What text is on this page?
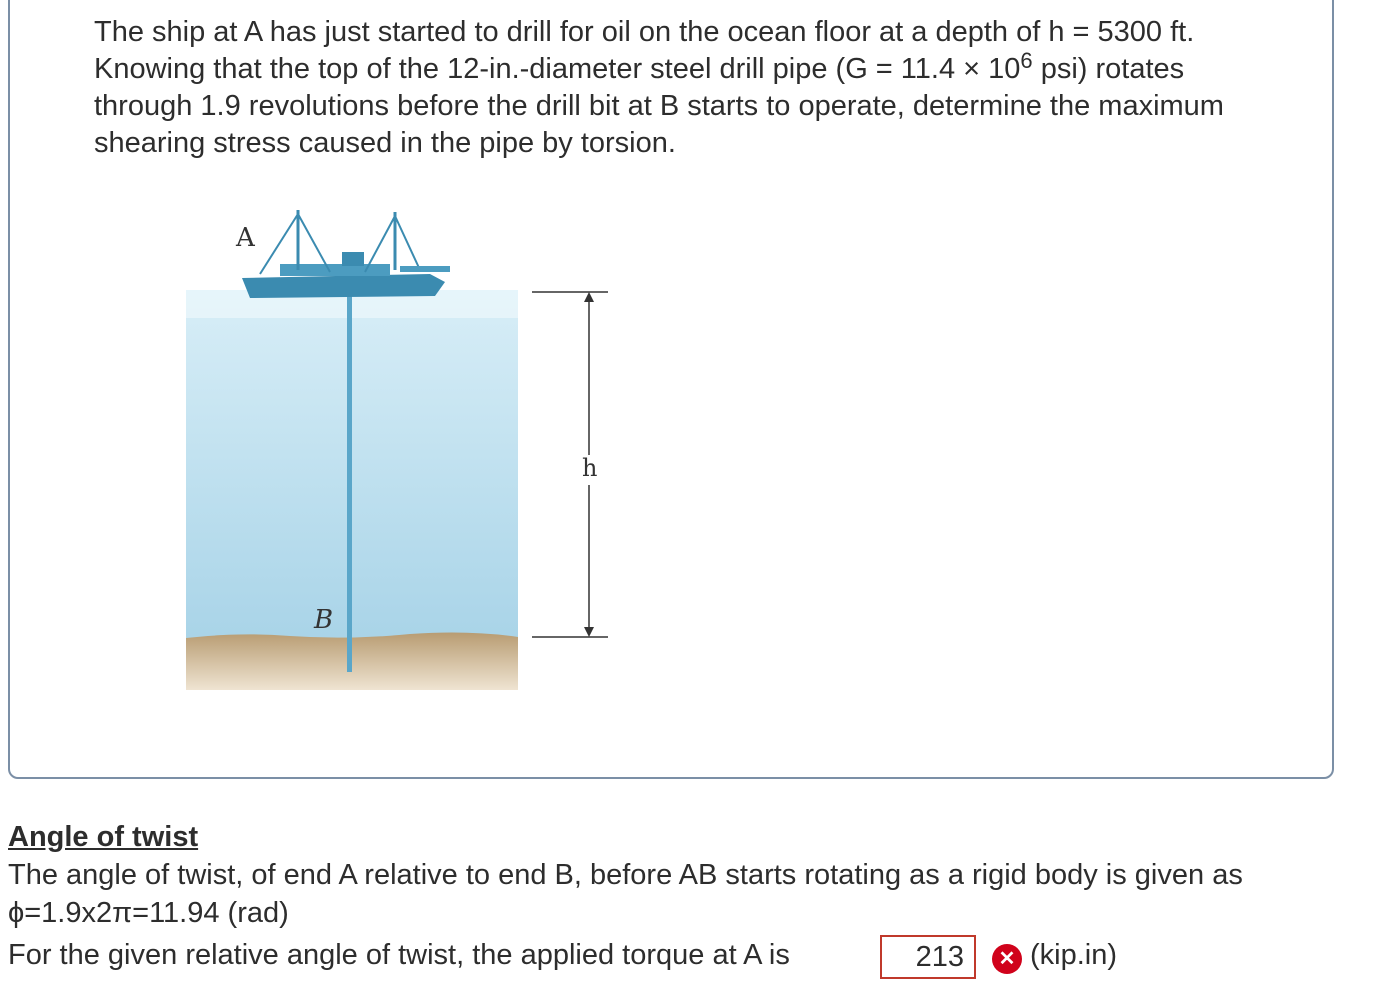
The ship at A has just started to drill for oil on the ocean floor at a depth of h = 5300 ft. Knowing that the top of the 12-in.-diameter steel drill pipe ($G = 11.4 \times 10^6$ psi) rotates through 1.9 revolutions before the drill bit at B starts to operate, determine the maximum shearing stress caused in the pipe by torsion.
h
A
B
Angle of twist
The angle of twist, of end A relative to end B, before AB starts rotating as a rigid body is given as
ϕ=1.9x2π=11.94 (rad)
For the given relative angle of twist, the applied torque at A is	213	✕ (kip.in)
